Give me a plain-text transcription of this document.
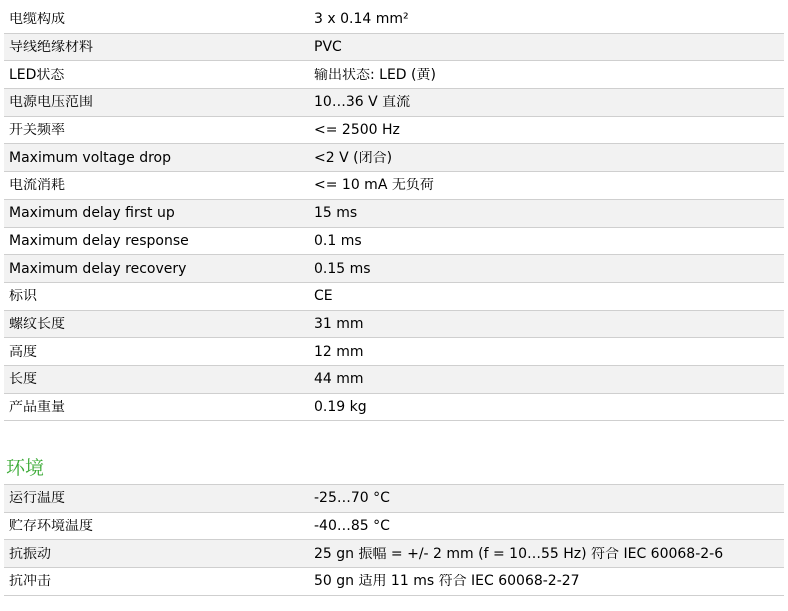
电缆构成	3 x 0.14 mm²
导线绝缘材料	PVC
LED状态	输出状态: LED (黄)
电源电压范围	10…36 V 直流
开关频率	<= 2500 Hz
Maximum voltage drop	<2 V (闭合)
电流消耗	<= 10 mA 无负荷
Maximum delay first up	15 ms
Maximum delay response	0.1 ms
Maximum delay recovery	0.15 ms
标识	CE
螺纹长度	31 mm
高度	12 mm
长度	44 mm
产品重量	0.19 kg
环境
运行温度	-25…70 °C
贮存环境温度	-40…85 °C
抗振动	25 gn 振幅 = +/- 2 mm (f = 10…55 Hz) 符合 IEC 60068-2-6
抗冲击	50 gn 适用 11 ms 符合 IEC 60068-2-27
